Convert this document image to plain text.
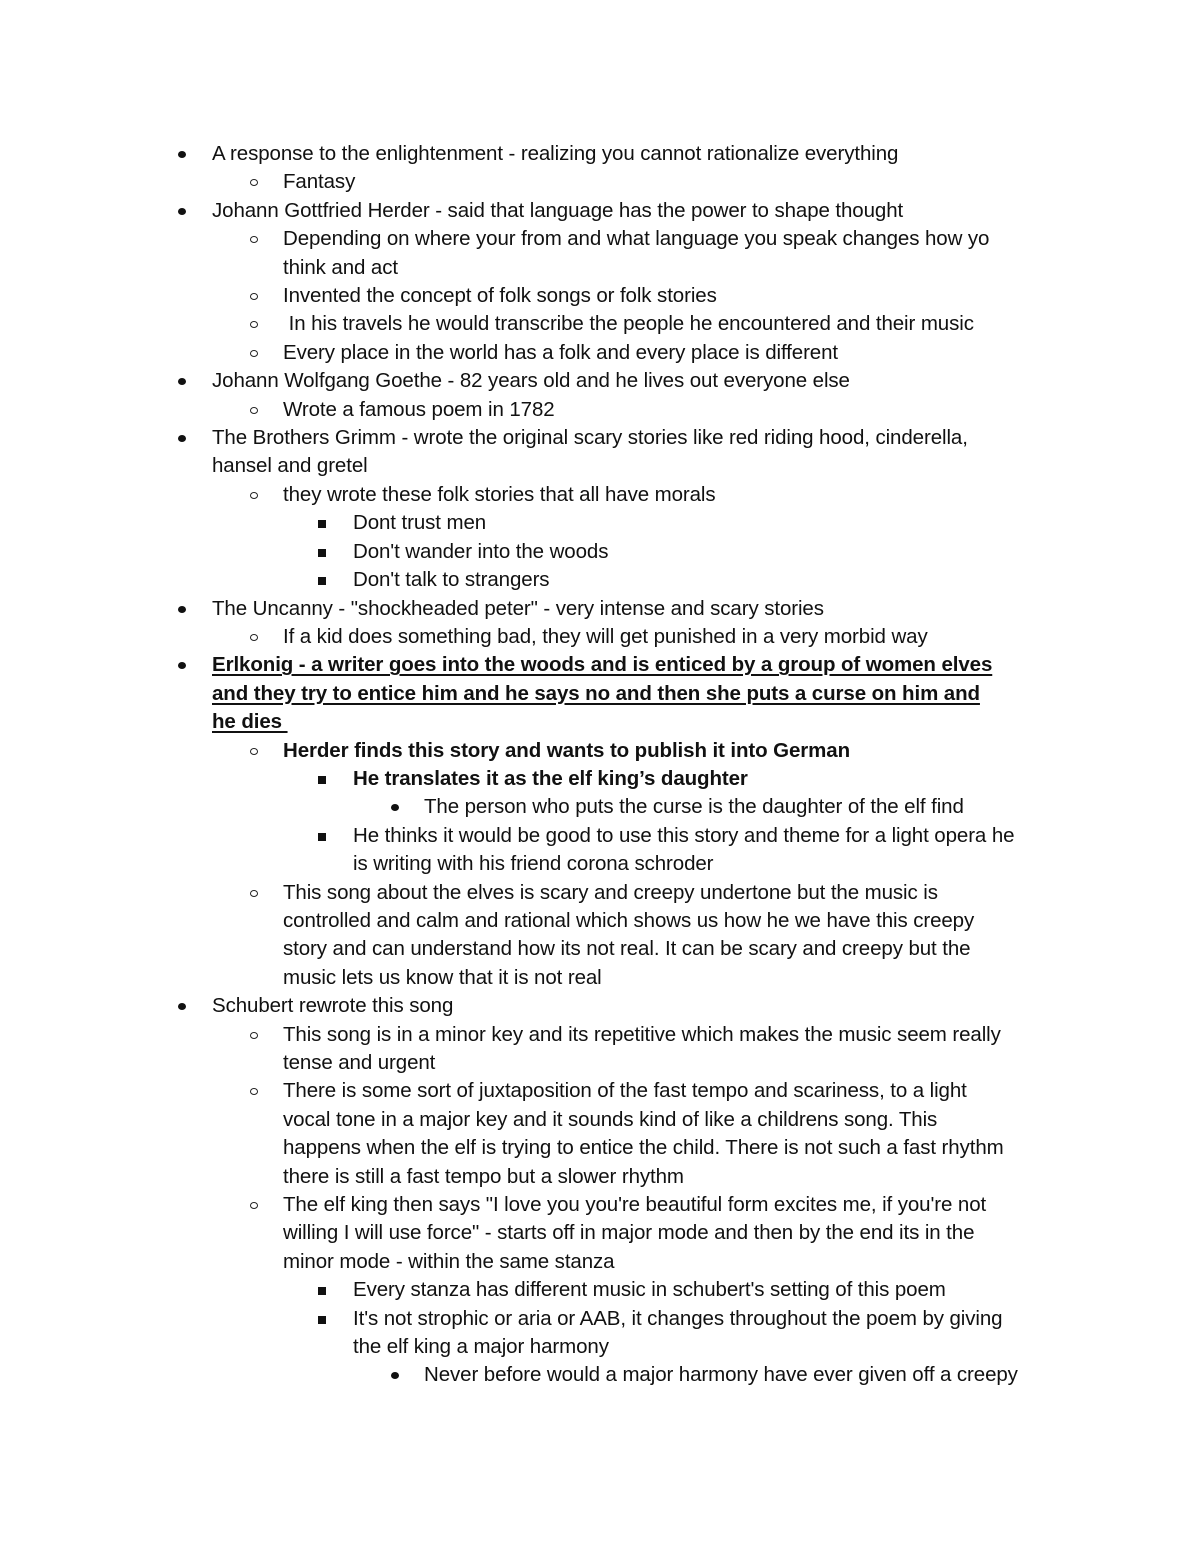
A response to the enlightenment - realizing you cannot rationalize everything
Fantasy
Johann Gottfried Herder - said that language has the power to shape thought
Depending on where your from and what language you speak changes how yo
think and act
Invented the concept of folk songs or folk stories
In his travels he would transcribe the people he encountered and their music
Every place in the world has a folk and every place is different
Johann Wolfgang Goethe - 82 years old and he lives out everyone else
Wrote a famous poem in 1782
The Brothers Grimm - wrote the original scary stories like red riding hood, cinderella,
hansel and gretel
they wrote these folk stories that all have morals
Dont trust men
Don't wander into the woods
Don't talk to strangers
The Uncanny - "shockheaded peter" - very intense and scary stories
If a kid does something bad, they will get punished in a very morbid way
Erlkonig - a writer goes into the woods and is enticed by a group of women elves
and they try to entice him and he says no and then she puts a curse on him and
he dies
Herder finds this story and wants to publish it into German
He translates it as the elf king’s daughter
The person who puts the curse is the daughter of the elf find
He thinks it would be good to use this story and theme for a light opera he
is writing with his friend corona schroder
This song about the elves is scary and creepy undertone but the music is
controlled and calm and rational which shows us how he we have this creepy
story and can understand how its not real. It can be scary and creepy but the
music lets us know that it is not real
Schubert rewrote this song
This song is in a minor key and its repetitive which makes the music seem really
tense and urgent
There is some sort of juxtaposition of the fast tempo and scariness, to a light
vocal tone in a major key and it sounds kind of like a childrens song. This
happens when the elf is trying to entice the child. There is not such a fast rhythm
there is still a fast tempo but a slower rhythm
The elf king then says "I love you you're beautiful form excites me, if you're not
willing I will use force" - starts off in major mode and then by the end its in the
minor mode - within the same stanza
Every stanza has different music in schubert's setting of this poem
It's not strophic or aria or AAB, it changes throughout the poem by giving
the elf king a major harmony
Never before would a major harmony have ever given off a creepy
